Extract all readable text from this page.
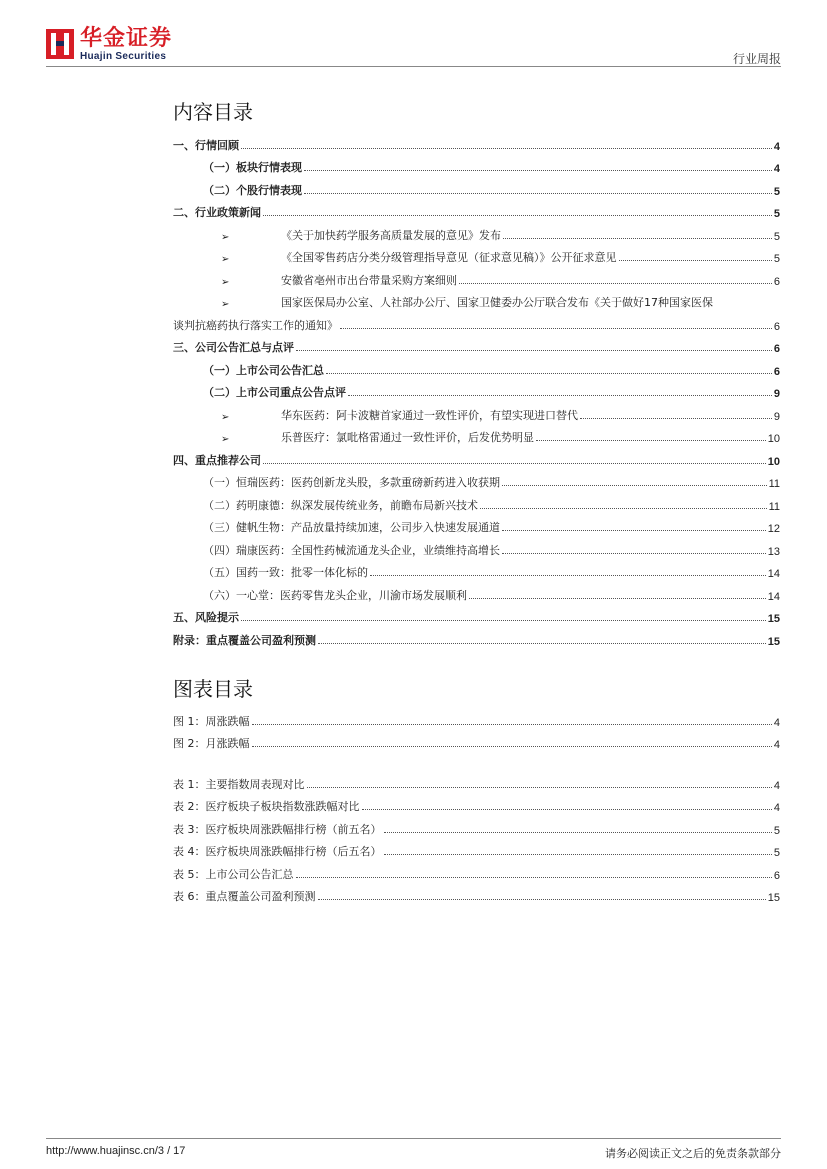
华金证券
Huajin Securities	行业周报
内容目录
一、行情回顾	4
（一）板块行情表现	4
（二）个股行情表现	5
二、行业政策新闻	5
➢	《关于加快药学服务高质量发展的意见》发布	5
➢	《全国零售药店分类分级管理指导意见（征求意见稿）》公开征求意见	5
➢	安徽省亳州市出台带量采购方案细则	6
➢	国家医保局办公室、人社部办公厅、国家卫健委办公厅联合发布《关于做好17种国家医保
谈判抗癌药执行落实工作的通知》	6
三、公司公告汇总与点评	6
（一）上市公司公告汇总	6
（二）上市公司重点公告点评	9
➢	华东医药：阿卡波糖首家通过一致性评价，有望实现进口替代	9
➢	乐普医疗：氯吡格雷通过一致性评价，后发优势明显	10
四、重点推荐公司	10
（一）恒瑞医药：医药创新龙头股，多款重磅新药进入收获期	11
（二）药明康德：纵深发展传统业务，前瞻布局新兴技术	11
（三）健帆生物：产品放量持续加速，公司步入快速发展通道	12
（四）瑞康医药：全国性药械流通龙头企业，业绩维持高增长	13
（五）国药一致：批零一体化标的	14
（六）一心堂：医药零售龙头企业，川渝市场发展顺利	14
五、风险提示	15
附录：重点覆盖公司盈利预测	15
图表目录
图 1：周涨跌幅	4
图 2：月涨跌幅	4
表 1：主要指数周表现对比	4
表 2：医疗板块子板块指数涨跌幅对比	4
表 3：医疗板块周涨跌幅排行榜（前五名）	5
表 4：医疗板块周涨跌幅排行榜（后五名）	5
表 5：上市公司公告汇总	6
表 6：重点覆盖公司盈利预测	15
http://www.huajinsc.cn/3 / 17	请务必阅读正文之后的免责条款部分
